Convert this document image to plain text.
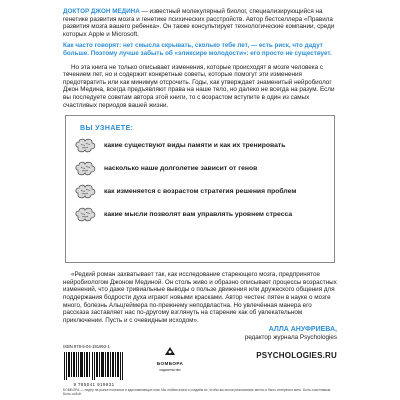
ДОКТОР ДЖОН МЕДИНА — известный молекулярный биолог, специализирующийся на генетике развития мозга и генетике психических расстройств. Автор бестселлера «Правила развития мозга вашего ребенка». Он также консультирует технологические компании, среди которых Apple и Microsoft.

Как часто говорят: нет смысла скрывать, сколько тебе лет, — есть риск, что дадут больше. Поэтому лучше забыть об «эликсире молодости»: его просто не существует.

Но эта книга не только описывает изменения, которые происходят в мозге человека с течением лет, но и содержит конкретные советы, которые помогут эти изменения предотвратить или как минимум отсрочить. Годы, как утверждает знаменитый нейробиолог Джон Медина, всегда предъявляют права на наше тело, но далеко не всегда на разум. Если вы последуете советам автора этой книги, то с возрастом вступите в один из самых счастливых периодов вашей жизни.

ВЫ УЗНАЕТЕ:
какие существуют виды памяти и как их тренировать
насколько наше долголетие зависит от генов
как изменяется с возрастом стратегия решения проблем
какие мысли позволят вам управлять уровнем стресса

«Редкий роман захватывает так, как исследование стареющего мозга, предпринятое нейробиологом Джоном Мединой. Он столь живо и образно описывает процессы возрастных изменений, что даже тривиальные выводы о пользе движения или дружеского общения для поддержания бодрости духа играют новыми красками. Автор честен: пятен в науке о мозге много, болезнь Альцгеймера по-прежнему неподвластна. Но увлечённая манера его рассказа заставляет нас по-другому взглянуть на старение как об увлекательном приключении. Пусть и с очевидным исходом».

АЛЛА АНУФРИЕВА,
редактор журнала Psychologies

ISBN 978-5-04-191993-1
9 785041 919931
БОМБОРА
издательство
PSYCHOLOGIES.RU
БОМБОРА — лидер на рынке полезных и вдохновляющих книг. Мы любим книги и создаём их, чтобы вы могли реализовать мечты и было интересно жить. Быть счастливым. Быть собой.
